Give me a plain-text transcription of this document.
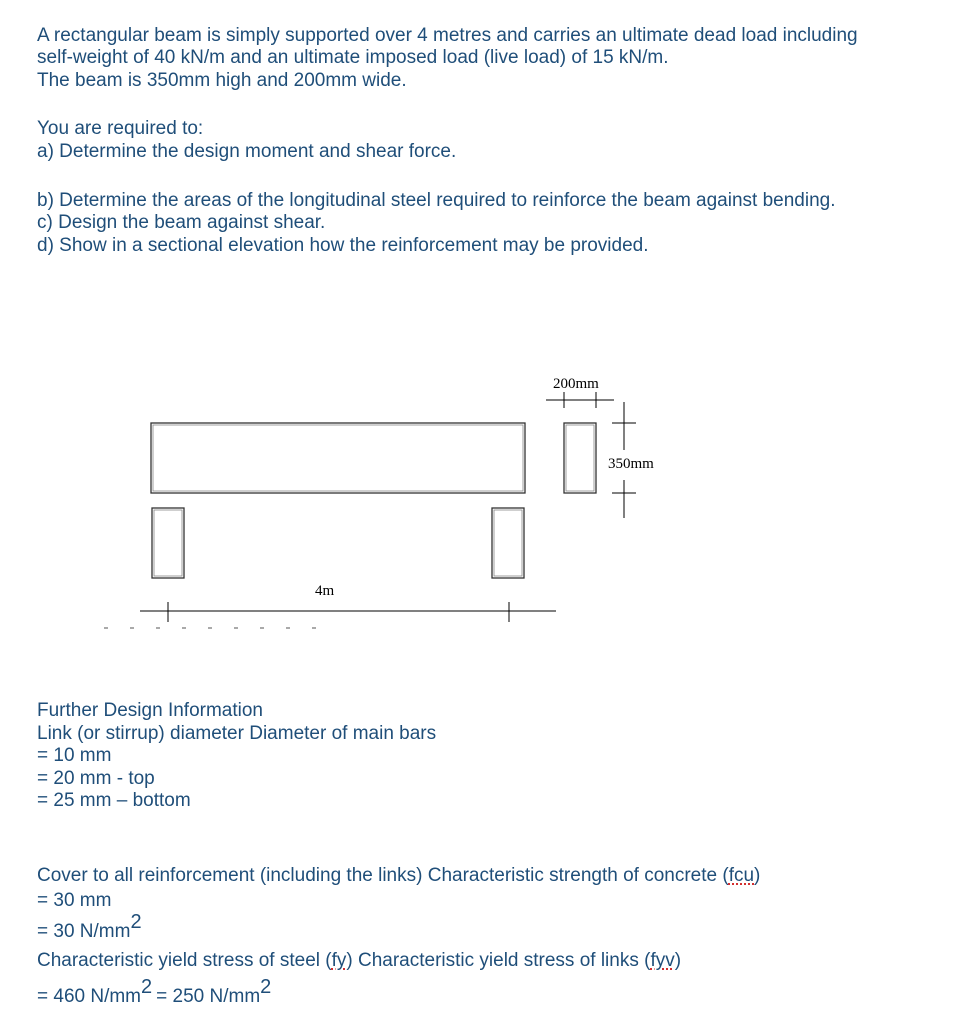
A rectangular beam is simply supported over 4 metres and carries an ultimate dead load including
self-weight of 40 kN/m and an ultimate imposed load (live load) of 15 kN/m.
The beam is 350mm high and 200mm wide.
You are required to:
a) Determine the design moment and shear force.
b) Determine the areas of the longitudinal steel required to reinforce the beam against bending.
c) Design the beam against shear.
d) Show in a sectional elevation how the reinforcement may be provided.
200mm
350mm
4m
Further Design Information
Link (or stirrup) diameter Diameter of main bars
= 10 mm
= 20 mm - top
= 25 mm – bottom
Cover to all reinforcement (including the links) Characteristic strength of concrete (fcu)
= 30 mm
= 30 $N/mm^2$
Characteristic yield stress of steel (fy) Characteristic yield stress of links (fyv)
= 460 $N/mm^2 = 250$ $N/mm^2$
